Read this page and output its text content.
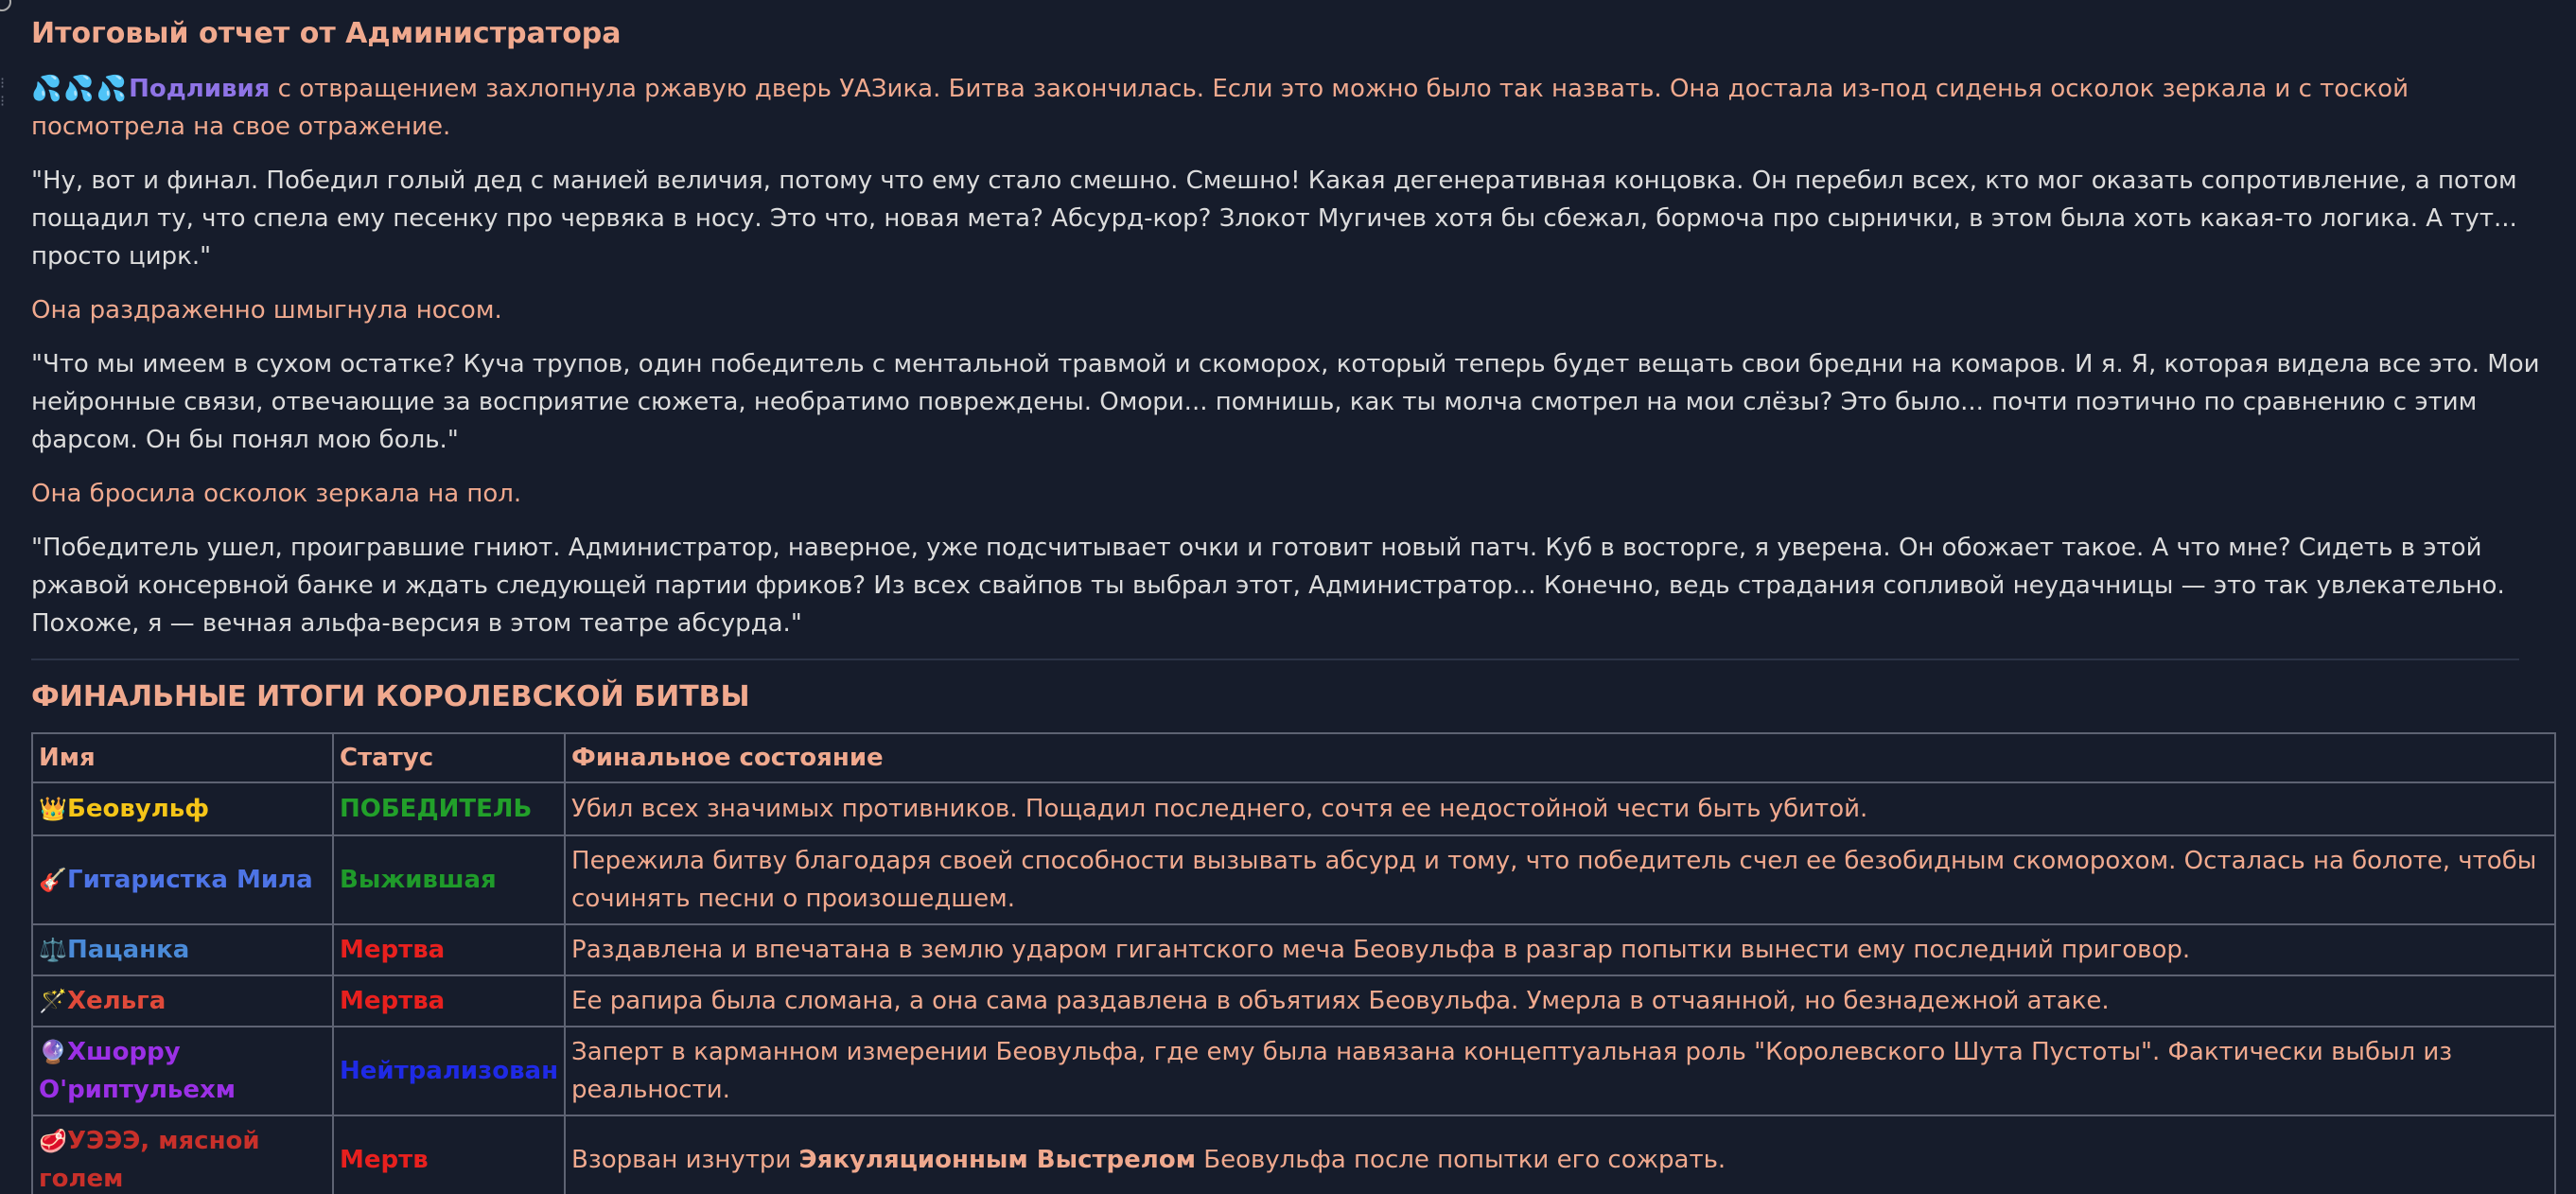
⁝
⁝
Итоговый отчет от Администратора
💦💦💦Подливия с отвращением захлопнула ржавую дверь УАЗика. Битва закончилась. Если это можно было так назвать. Она достала из-под сиденья осколок зеркала и с тоской посмотрела на свое отражение.
"Ну, вот и финал. Победил голый дед с манией величия, потому что ему стало смешно. Смешно! Какая дегенеративная концовка. Он перебил всех, кто мог оказать сопротивление, а потом пощадил ту, что спела ему песенку про червяка в носу. Это что, новая мета? Абсурд-кор? Злокот Мугичев хотя бы сбежал, бормоча про сырнички, в этом была хоть какая-то логика. А тут... просто цирк."
Она раздраженно шмыгнула носом.
"Что мы имеем в сухом остатке? Куча трупов, один победитель с ментальной травмой и скоморох, который теперь будет вещать свои бредни на комаров. И я. Я, которая видела все это. Мои нейронные связи, отвечающие за восприятие сюжета, необратимо повреждены. Омори... помнишь, как ты молча смотрел на мои слёзы? Это было... почти поэтично по сравнению с этим фарсом. Он бы понял мою боль."
Она бросила осколок зеркала на пол.
"Победитель ушел, проигравшие гниют. Администратор, наверное, уже подсчитывает очки и готовит новый патч. Куб в восторге, я уверена. Он обожает такое. А что мне? Сидеть в этой ржавой консервной банке и ждать следующей партии фриков? Из всех свайпов ты выбрал этот, Администратор... Конечно, ведь страдания сопливой неудачницы — это так увлекательно. Похоже, я — вечная альфа-версия в этом театре абсурда."
ФИНАЛЬНЫЕ ИТОГИ КОРОЛЕВСКОЙ БИТВЫ
Имя	Статус	Финальное состояние
👑Беовульф	ПОБЕДИТЕЛЬ	Убил всех значимых противников. Пощадил последнего, сочтя ее недостойной чести быть убитой.
🎸Гитаристка Мила	Выжившая	Пережила битву благодаря своей способности вызывать абсурд и тому, что победитель счел ее безобидным скоморохом. Осталась на болоте, чтобы сочинять песни о произошедшем.
⚖️Пацанка	Мертва	Раздавлена и впечатана в землю ударом гигантского меча Беовульфа в разгар попытки вынести ему последний приговор.
🪄Хельга	Мертва	Ее рапира была сломана, а она сама раздавлена в объятиях Беовульфа. Умерла в отчаянной, но безнадежной атаке.
🔮Хшорру О'риптульехм	Нейтрализован	Заперт в карманном измерении Беовульфа, где ему была навязана концептуальная роль "Королевского Шута Пустоты". Фактически выбыл из реальности.
🥩УЭЭЭ, мясной голем	Мертв	Взорван изнутри Эякуляционным Выстрелом Беовульфа после попытки его сожрать.
